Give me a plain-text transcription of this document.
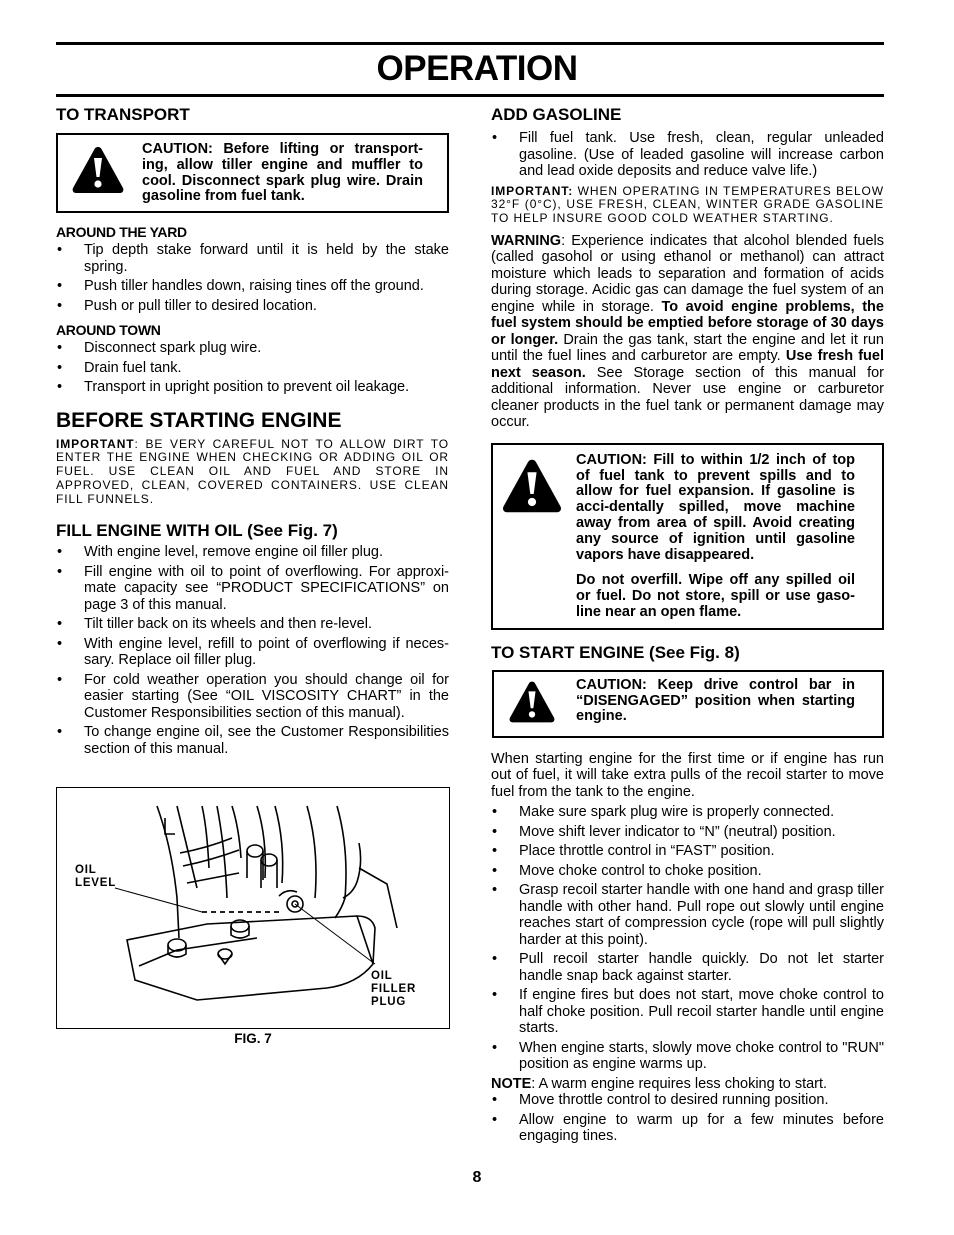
OPERATION
TO TRANSPORT
CAUTION: Before lifting or transport-ing, allow tiller engine and muffler to cool. Disconnect spark plug wire. Drain gasoline from fuel tank.
AROUND THE YARD
• Tip depth stake forward until it is held by the stake spring.
• Push tiller handles down, raising tines off the ground.
• Push or pull tiller to desired location.
AROUND TOWN
• Disconnect spark plug wire.
• Drain fuel tank.
• Transport in upright position to prevent oil leakage.
BEFORE STARTING ENGINE
IMPORTANT: BE VERY CAREFUL NOT TO ALLOW DIRT TO ENTER THE ENGINE WHEN CHECKING OR ADDING OIL OR FUEL. USE CLEAN OIL AND FUEL AND STORE IN APPROVED, CLEAN, COVERED CONTAINERS. USE CLEAN FILL FUNNELS.
FILL ENGINE WITH OIL (See Fig. 7)
• With engine level, remove engine oil filler plug.
• Fill engine with oil to point of overflowing. For approxi-mate capacity see “PRODUCT SPECIFICATIONS” on page 3 of this manual.
• Tilt tiller back on its wheels and then re-level.
• With engine level, refill to point of overflowing if neces-sary. Replace oil filler plug.
• For cold weather operation you should change oil for easier starting (See “OIL VISCOSITY CHART” in the Customer Responsibilities section of this manual).
• To change engine oil, see the Customer Responsibilities section of this manual.
OIL
LEVEL
OIL
FILLER
PLUG
FIG. 7
ADD GASOLINE
• Fill fuel tank. Use fresh, clean, regular unleaded gasoline. (Use of leaded gasoline will increase carbon and lead oxide deposits and reduce valve life.)
IMPORTANT: WHEN OPERATING IN TEMPERATURES BELOW 32°F (0°C), USE FRESH, CLEAN, WINTER GRADE GASOLINE TO HELP INSURE GOOD COLD WEATHER STARTING.
WARNING: Experience indicates that alcohol blended fuels (called gasohol or using ethanol or methanol) can attract moisture which leads to separation and formation of acids during storage. Acidic gas can damage the fuel system of an engine while in storage. To avoid engine problems, the fuel system should be emptied before storage of 30 days or longer. Drain the gas tank, start the engine and let it run until the fuel lines and carburetor are empty. Use fresh fuel next season. See Storage section of this manual for additional information. Never use engine or carburetor cleaner products in the fuel tank or permanent damage may occur.
CAUTION: Fill to within 1/2 inch of top of fuel tank to prevent spills and to allow for fuel expansion. If gasoline is acci-dentally spilled, move machine away from area of spill. Avoid creating any source of ignition until gasoline vapors have disappeared.
Do not overfill. Wipe off any spilled oil or fuel. Do not store, spill or use gaso-line near an open flame.
TO START ENGINE (See Fig. 8)
CAUTION: Keep drive control bar in “DISENGAGED” position when starting engine.
When starting engine for the first time or if engine has run out of fuel, it will take extra pulls of the recoil starter to move fuel from the tank to the engine.
• Make sure spark plug wire is properly connected.
• Move shift lever indicator to “N” (neutral) position.
• Place throttle control in “FAST” position.
• Move choke control to choke position.
• Grasp recoil starter handle with one hand and grasp tiller handle with other hand. Pull rope out slowly until engine reaches start of compression cycle (rope will pull slightly harder at this point).
• Pull recoil starter handle quickly. Do not let starter handle snap back against starter.
• If engine fires but does not start, move choke control to half choke position. Pull recoil starter handle until engine starts.
• When engine starts, slowly move choke control to "RUN" position as engine warms up.
NOTE: A warm engine requires less choking to start.
• Move throttle control to desired running position.
• Allow engine to warm up for a few minutes before engaging tines.
8
